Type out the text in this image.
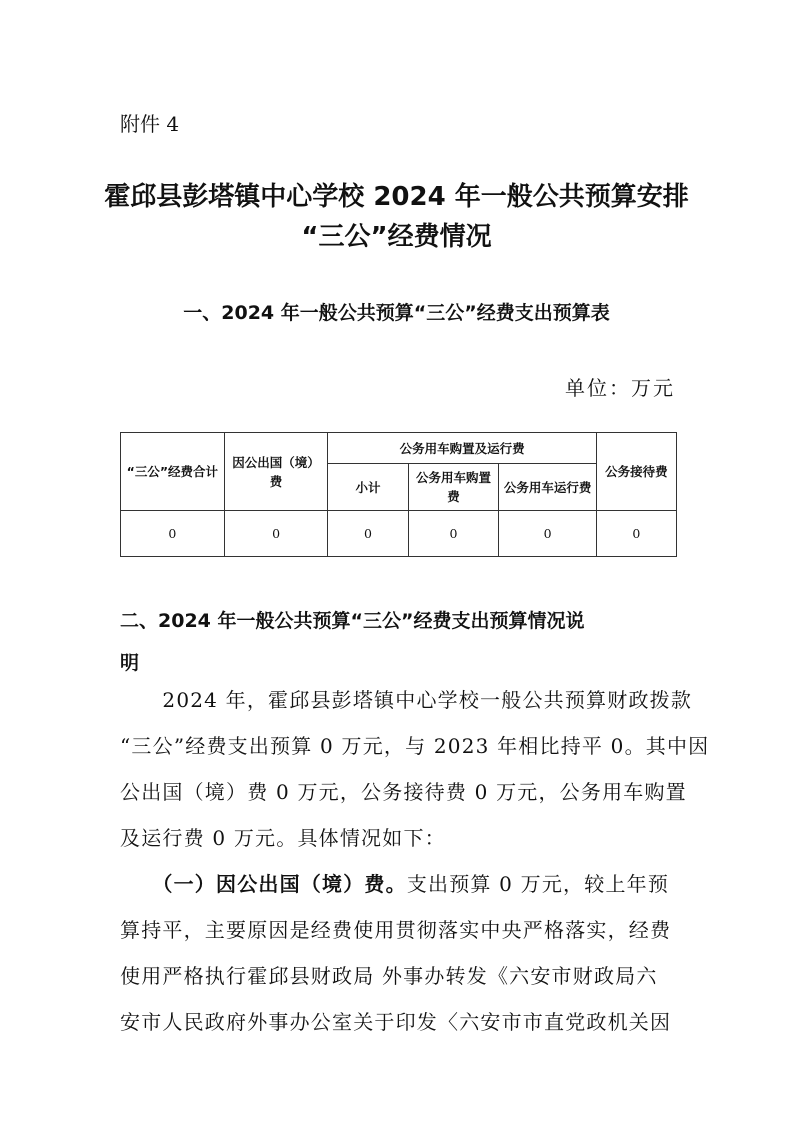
附件 4
霍邱县彭塔镇中心学校 2024 年一般公共预算安排
“三公”经费情况
一、2024 年一般公共预算“三公”经费支出预算表
单位：万元
“三公”经费合计	因公出国（境）费	公务用车购置及运行费			公务接待费
		小计	公务用车购置费	公务用车运行费	
0	0	0	0	0	0
二、2024 年一般公共预算“三公”经费支出预算情况说
明
　　2024 年，霍邱县彭塔镇中心学校一般公共预算财政拨款
“三公”经费支出预算 0 万元，与 2023 年相比持平 0。其中因
公出国（境）费 0 万元，公务接待费 0 万元，公务用车购置
及运行费 0 万元。具体情况如下：
　　（一）因公出国（境）费。支出预算 0 万元，较上年预
算持平，主要原因是经费使用贯彻落实中央严格落实，经费
使用严格执行霍邱县财政局 外事办转发《六安市财政局六
安市人民政府外事办公室关于印发〈六安市市直党政机关因
